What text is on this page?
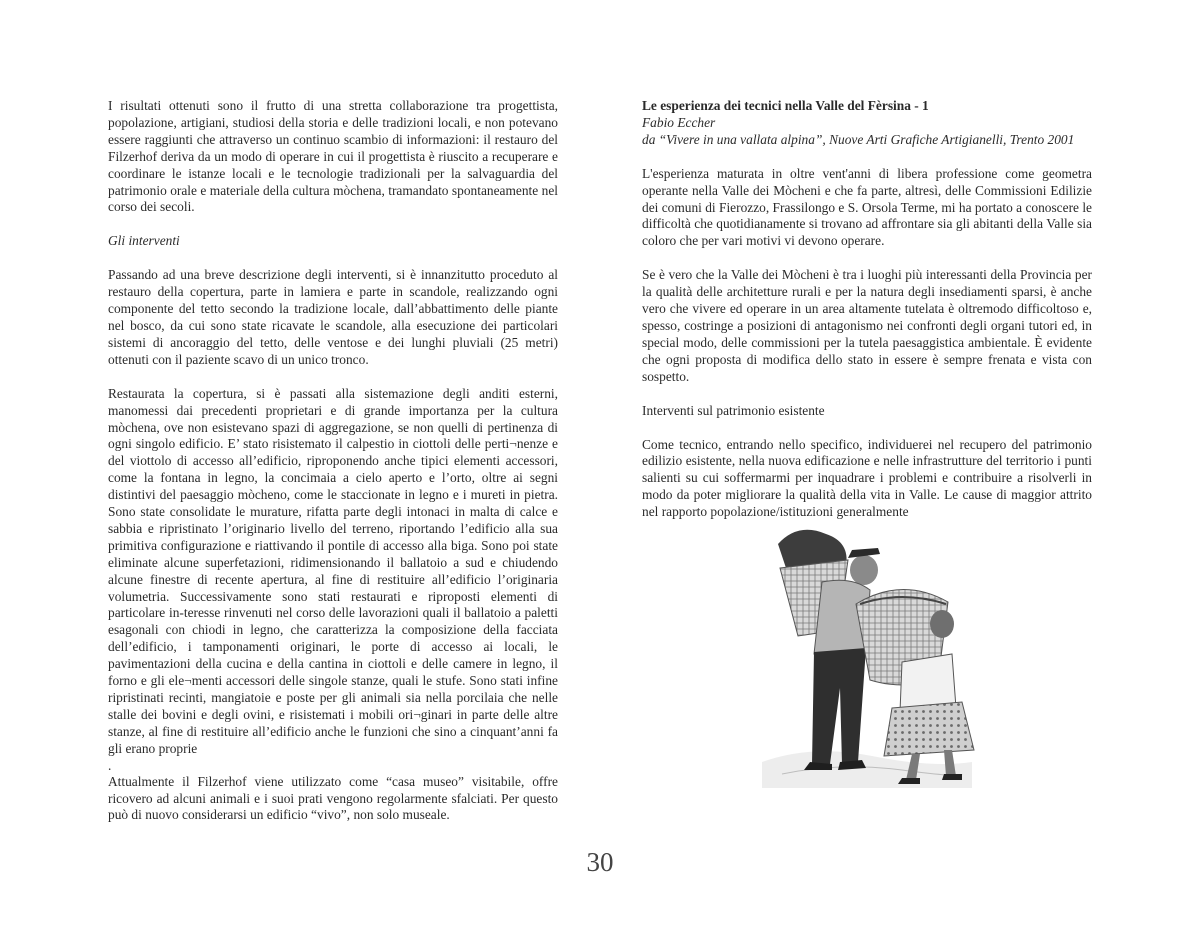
I risultati ottenuti sono il frutto di una stretta collaborazione tra progettista, popolazione, artigiani, studiosi della storia e delle tradizioni locali, e non potevano essere raggiunti che attraverso un continuo scambio di informazioni: il restauro del Filzerhof deriva da un modo di operare in cui il progettista è riuscito a recuperare e coordinare le istanze locali e le tecnologie tradizionali per la salvaguardia del patrimonio orale e materiale della cultura mòchena, tramandato spontaneamente nel corso dei secoli.

Gli interventi

Passando ad una breve descrizione degli interventi, si è innanzitutto proceduto al restauro della copertura, parte in lamiera e parte in scandole, realizzando ogni componente del tetto secondo la tradizione locale, dall’abbattimento delle piante nel bosco, da cui sono state ricavate le scandole, alla esecuzione dei particolari sistemi di ancoraggio del tetto, delle ventose e dei lunghi pluviali (25 metri) ottenuti con il paziente scavo di un unico tronco.

Restaurata la copertura, si è passati alla sistemazione degli anditi esterni, manomessi dai precedenti proprietari e di grande importanza per la cultura mòchena, ove non esistevano spazi di aggregazione, se non quelli di pertinenza di ogni singolo edificio. E’ stato risistemato il calpestio in ciottoli delle perti¬nenze e del viottolo di accesso all’edificio, riproponendo anche tipici elementi accessori, come la fontana in legno, la concimaia a cielo aperto e l’orto, oltre ai segni distintivi del paesaggio mòcheno, come le staccionate in legno e i mureti in pietra. Sono state consolidate le murature, rifatta parte degli intonaci in malta di calce e sabbia e ripristinato l’originario livello del terreno, riportando l’edificio alla sua primitiva configurazione e riattivando il pontile di accesso alla biga. Sono poi state eliminate alcune superfetazioni, ridimensionando il ballatoio a sud e chiudendo alcune finestre di recente apertura, al fine di restituire all’edificio l’originaria volumetria. Successivamente sono stati restaurati e riproposti elementi di particolare in-teresse rinvenuti nel corso delle lavorazioni quali il ballatoio a paletti esagonali con chiodi in legno, che caratterizza la composizione della facciata dell’edificio, i tamponamenti originari, le porte di accesso ai locali, le pavimentazioni della cucina e della cantina in ciottoli e delle camere in legno, il forno e gli ele¬menti accessori delle singole stanze, quali le stufe. Sono stati infine ripristinati recinti, mangiatoie e poste per gli animali sia nella porcilaia che nelle stalle dei bovini e degli ovini, e risistemati i mobili ori¬ginari in parte delle altre stanze, al fine di restituire all’edificio anche le funzioni che sino a cinquant’anni fa gli erano proprie

.

Attualmente il Filzerhof viene utilizzato come “casa museo” visitabile, offre ricovero ad alcuni animali e i suoi prati vengono regolarmente sfalciati. Per questo può di nuovo considerarsi un edificio “vivo”, non solo museale.

Le esperienza dei tecnici nella Valle del Fèrsina - 1

Fabio Eccher

da “Vivere in una vallata alpina”, Nuove Arti Grafiche Artigianelli, Trento 2001

L'esperienza maturata in oltre vent'anni di libera professione come geometra operante nella Valle dei Mòcheni e che fa parte, altresì, delle Commissioni Edilizie dei comuni di Fierozzo, Frassilongo e S. Orsola Terme, mi ha portato a conoscere le difficoltà che quotidianamente si trovano ad affrontare sia gli abitanti della Valle sia coloro che per vari motivi vi devono operare.

Se è vero che la Valle dei Mòcheni è tra i luoghi più interessanti della Provincia per la qualità delle architetture rurali e per la natura degli insediamenti sparsi, è anche vero che vivere ed operare in un area altamente tutelata è oltremodo difficoltoso e, spesso, costringe a posizioni di antagonismo nei confronti degli organi tutori ed, in special modo, delle commissioni per la tutela paesaggistica ambientale. È evidente che ogni proposta di modifica dello stato in essere è sempre frenata e vista con sospetto.

Interventi sul patrimonio esistente

Come tecnico, entrando nello specifico, individuerei nel recupero del patrimonio edilizio esistente, nella nuova edificazione e nelle infrastrutture del territorio i punti salienti su cui soffermarmi per inquadrare i problemi e contribuire a risolverli in modo da poter migliorare la qualità della vita in Valle. Le cause di maggior attrito nel rapporto popolazione/istituzioni generalmente

30
